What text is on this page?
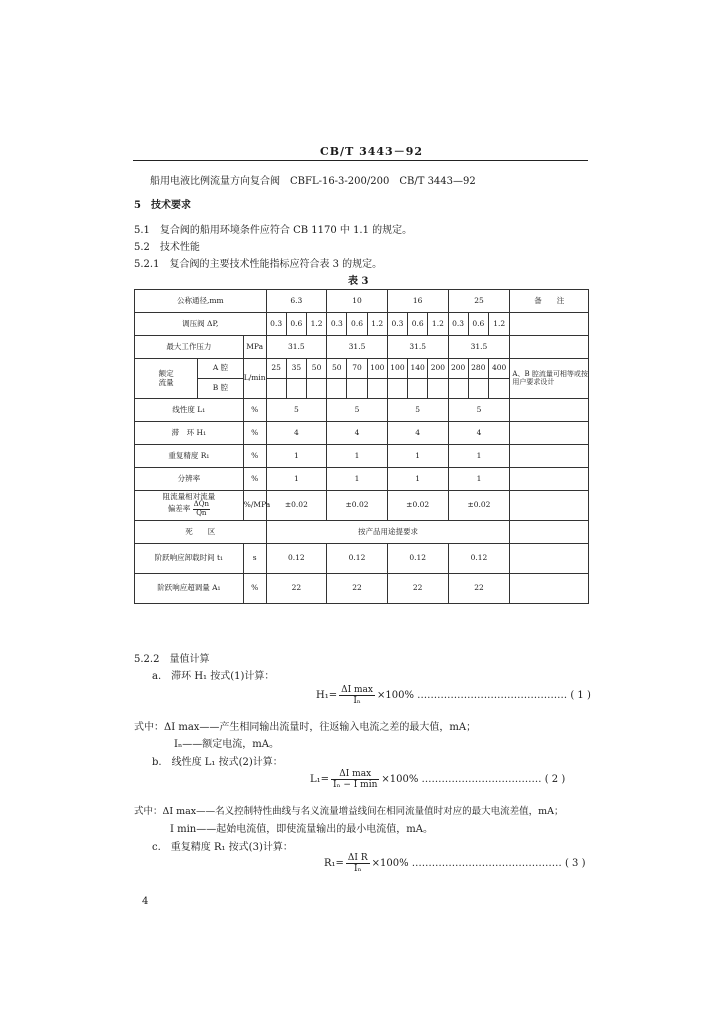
CB/T 3443－92
船用电液比例流量方向复合阀　CBFL-16-3-200/200　CB/T 3443—92
5　技术要求
5.1　复合阀的船用环境条件应符合 CB 1170 中 1.1 的规定。
5.2　技术性能
5.2.1　复合阀的主要技术性能指标应符合表 3 的规定。
表 3
公称通径,mm			6.3			10			16			25			备　　注
调压阀 ΔP,			0.3	0.6	1.2	0.3	0.6	1.2	0.3	0.6	1.2	0.3	0.6	1.2	
最大工作压力		MPa	31.5			31.5			31.5			31.5			
额定
流量	A 腔	L/min	25	35	50	50	70	100	100	140	200	200	280	400	A、B 腔流量可相等或按用户要求设计
	B 腔														
线性度 L₁		%	5			5			5			5			
滞　环 H₁		%	4			4			4			4			
重复精度 R₁		%	1			1			1			1			
分辨率		%	1			1			1			1			
阻流量相对流量
偏差率 $\frac{\text{ΔQn}}{Qn}$		%/MPa	±0.02			±0.02			±0.02			±0.02			
死　　区			按产品用途提要求												
阶跃响应卸载时间 t₁		s	0.12			0.12			0.12			0.12			
阶跃响应超调量 A₁		%	22			22			22			22			
5.2.2　量值计算
a.　滞环 H₁ 按式(1)计算：
H₁= ΔI max
Iₙ	×100% ……………………………………… ( 1 )
式中：ΔI max——产生相同输出流量时，往返输入电流之差的最大值，mA；
Iₙ——额定电流，mA。
b.　线性度 L₁ 按式(2)计算：
L₁=	ΔI max
Iₙ − I min ×100% ……………………………… ( 2 )
式中：ΔI max——名义控制特性曲线与名义流量增益线间在相同流量值时对应的最大电流差值，mA；
I min——起始电流值，即使流量输出的最小电流值，mA。
c.　重复精度 R₁ 按式(3)计算：
$R_1= \frac{\text{ΔI R}}{\text{Iₙ}} \times 100\%$ ……………………………………… ( 3 )
4
